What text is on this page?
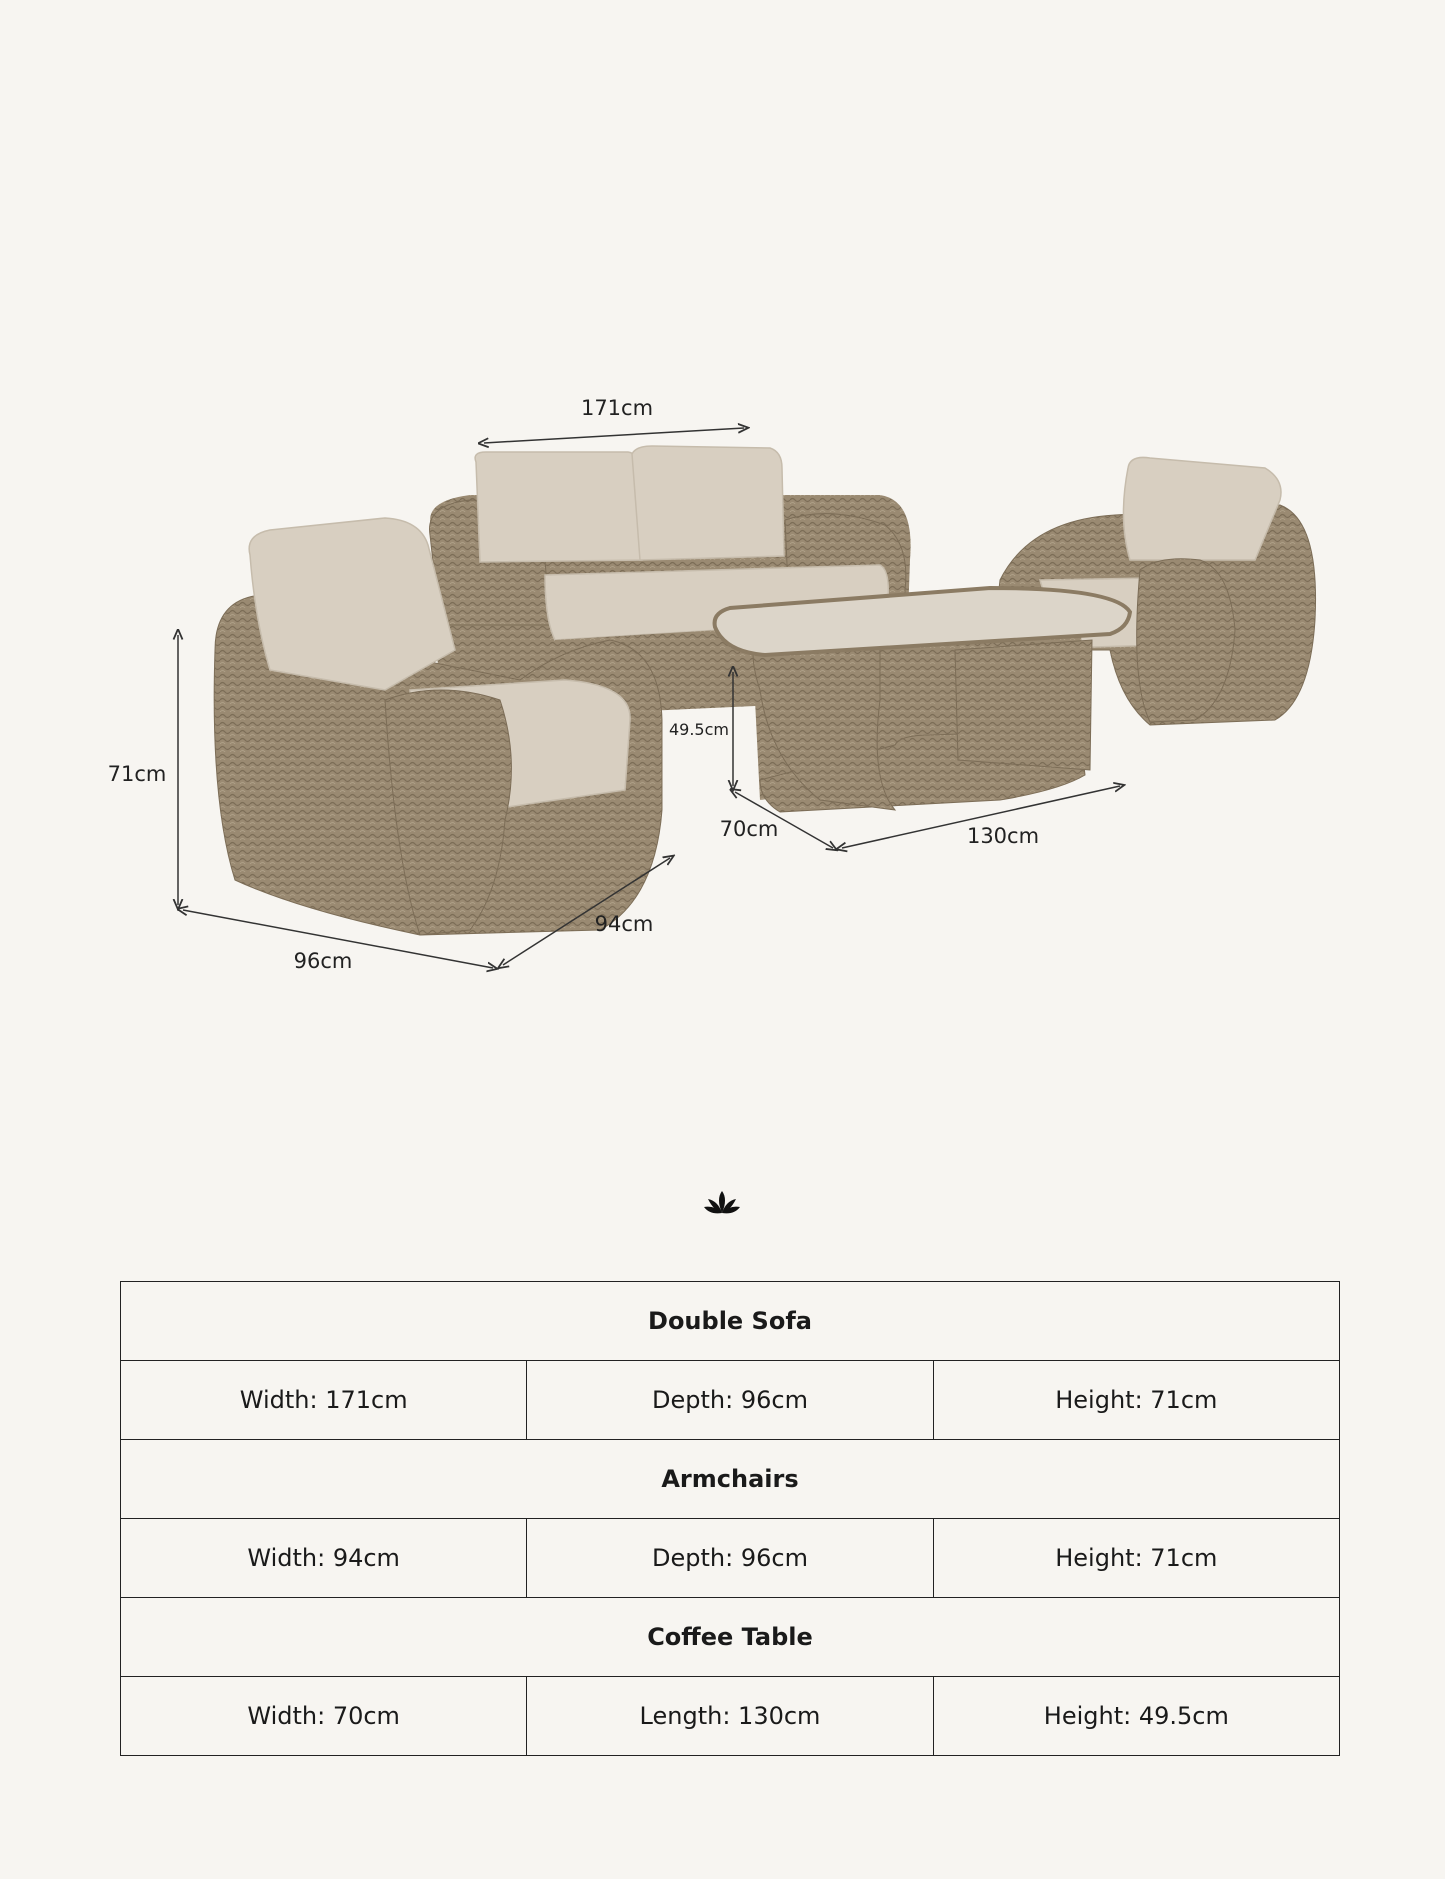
171cm
71cm
96cm
94cm
49.5cm
70cm	130cm
Double Sofa		
Width: 171cm	Depth: 96cm	Height: 71cm
Armchairs		
Width: 94cm	Depth: 96cm	Height: 71cm
Coffee Table		
Width: 70cm	Length: 130cm	Height: 49.5cm
